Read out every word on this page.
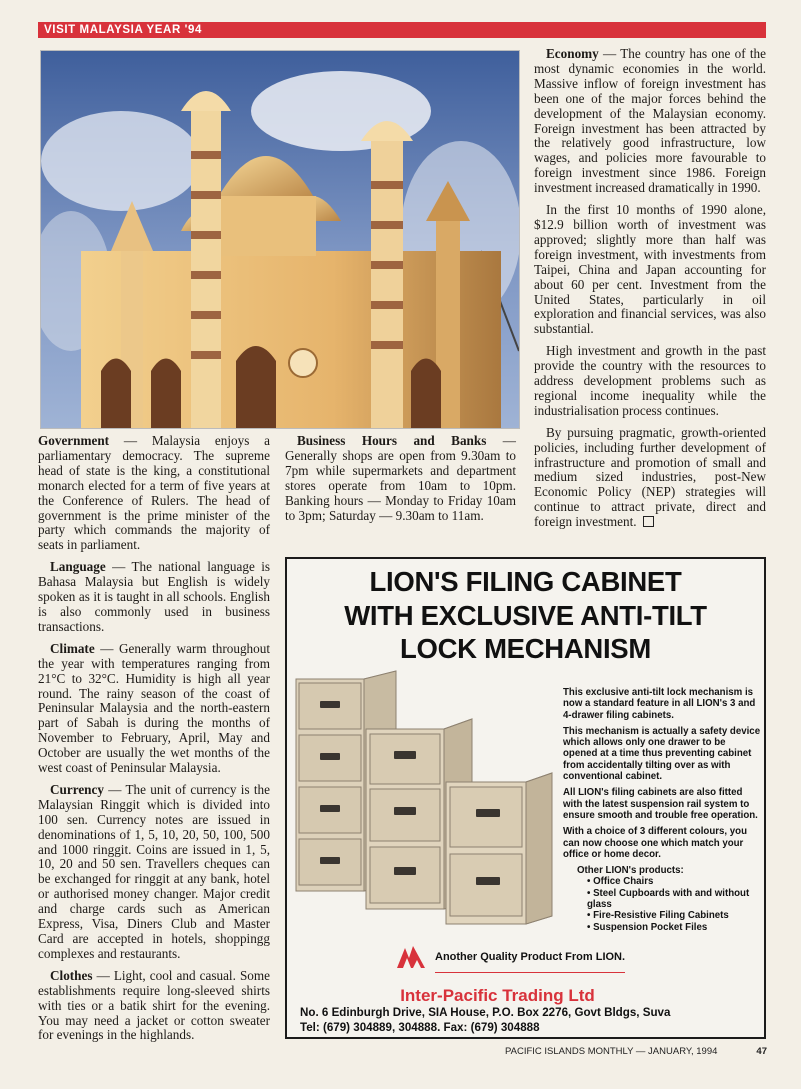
VISIT MALAYSIA YEAR '94

Government — Malaysia enjoys a parliamentary democracy. The supreme head of state is the king, a constitutional monarch elected for a term of five years at the Conference of Rulers. The head of government is the prime minister of the party which commands the majority of seats in parliament.

Language — The national language is Bahasa Malaysia but English is widely spoken as it is taught in all schools. English is also commonly used in business transactions.

Climate — Generally warm throughout the year with temperatures ranging from 21°C to 32°C. Humidity is high all year round. The rainy season of the coast of Peninsular Malaysia and the north-eastern part of Sabah is during the months of November to February, April, May and October are usually the wet months of the west coast of Peninsular Malaysia.

Currency — The unit of currency is the Malaysian Ringgit which is divided into 100 sen. Currency notes are issued in denominations of 1, 5, 10, 20, 50, 100, 500 and 1000 ringgit. Coins are issued in 1, 5, 10, 20 and 50 sen. Travellers cheques can be exchanged for ringgit at any bank, hotel or authorised money changer. Major credit and charge cards such as American Express, Visa, Diners Club and Master Card are accepted in hotels, shoppingg complexes and restaurants.

Clothes — Light, cool and casual. Some establishments require long-sleeved shirts with ties or a batik shirt for the evening. You may need a jacket or cotton sweater for evenings in the highlands.

Business Hours and Banks — Generally shops are open from 9.30am to 7pm while supermarkets and department stores operate from 10am to 10pm. Banking hours — Monday to Friday 10am to 3pm; Saturday — 9.30am to 11am.

Economy — The country has one of the most dynamic economies in the world. Massive inflow of foreign investment has been one of the major forces behind the development of the Malaysian economy. Foreign investment has been attracted by the relatively good infrastructure, low wages, and policies more favourable to foreign investment since 1986. Foreign investment increased dramatically in 1990.

In the first 10 months of 1990 alone, $12.9 billion worth of investment was approved; slightly more than half was foreign investment, with investments from Taipei, China and Japan accounting for about 60 per cent. Investment from the United States, particularly in oil exploration and financial services, was also substantial.

High investment and growth in the past provide the country with the resources to address development problems such as regional income inequality while the industrialisation process continues.

By pursuing pragmatic, growth-oriented policies, including further development of infrastructure and promotion of small and medium sized industries, post-New Economic Policy (NEP) strategies will continue to attract private, direct and foreign investment.

LION'S FILING CABINET
WITH EXCLUSIVE ANTI-TILT
LOCK MECHANISM

This exclusive anti-tilt lock mechanism is now a standard feature in all LION's 3 and 4-drawer filing cabinets.

This mechanism is actually a safety device which allows only one drawer to be opened at a time thus preventing cabinet from accidentally tilting over as with conventional cabinet.

All LION's filing cabinets are also fitted with the latest suspension rail system to ensure smooth and trouble free operation.

With a choice of 3 different colours, you can now choose one which match your office or home decor.

Other LION's products:
• Office Chairs
• Steel Cupboards with and without glass
• Fire-Resistive Filing Cabinets
• Suspension Pocket Files
Another Quality Product From LION.
Inter-Pacific Trading Ltd
No. 6 Edinburgh Drive, SIA House, P.O. Box 2276, Govt Bldgs, Suva
Tel: (679) 304889, 304888. Fax: (679) 304888
PACIFIC ISLANDS MONTHLY — JANUARY, 1994	47
